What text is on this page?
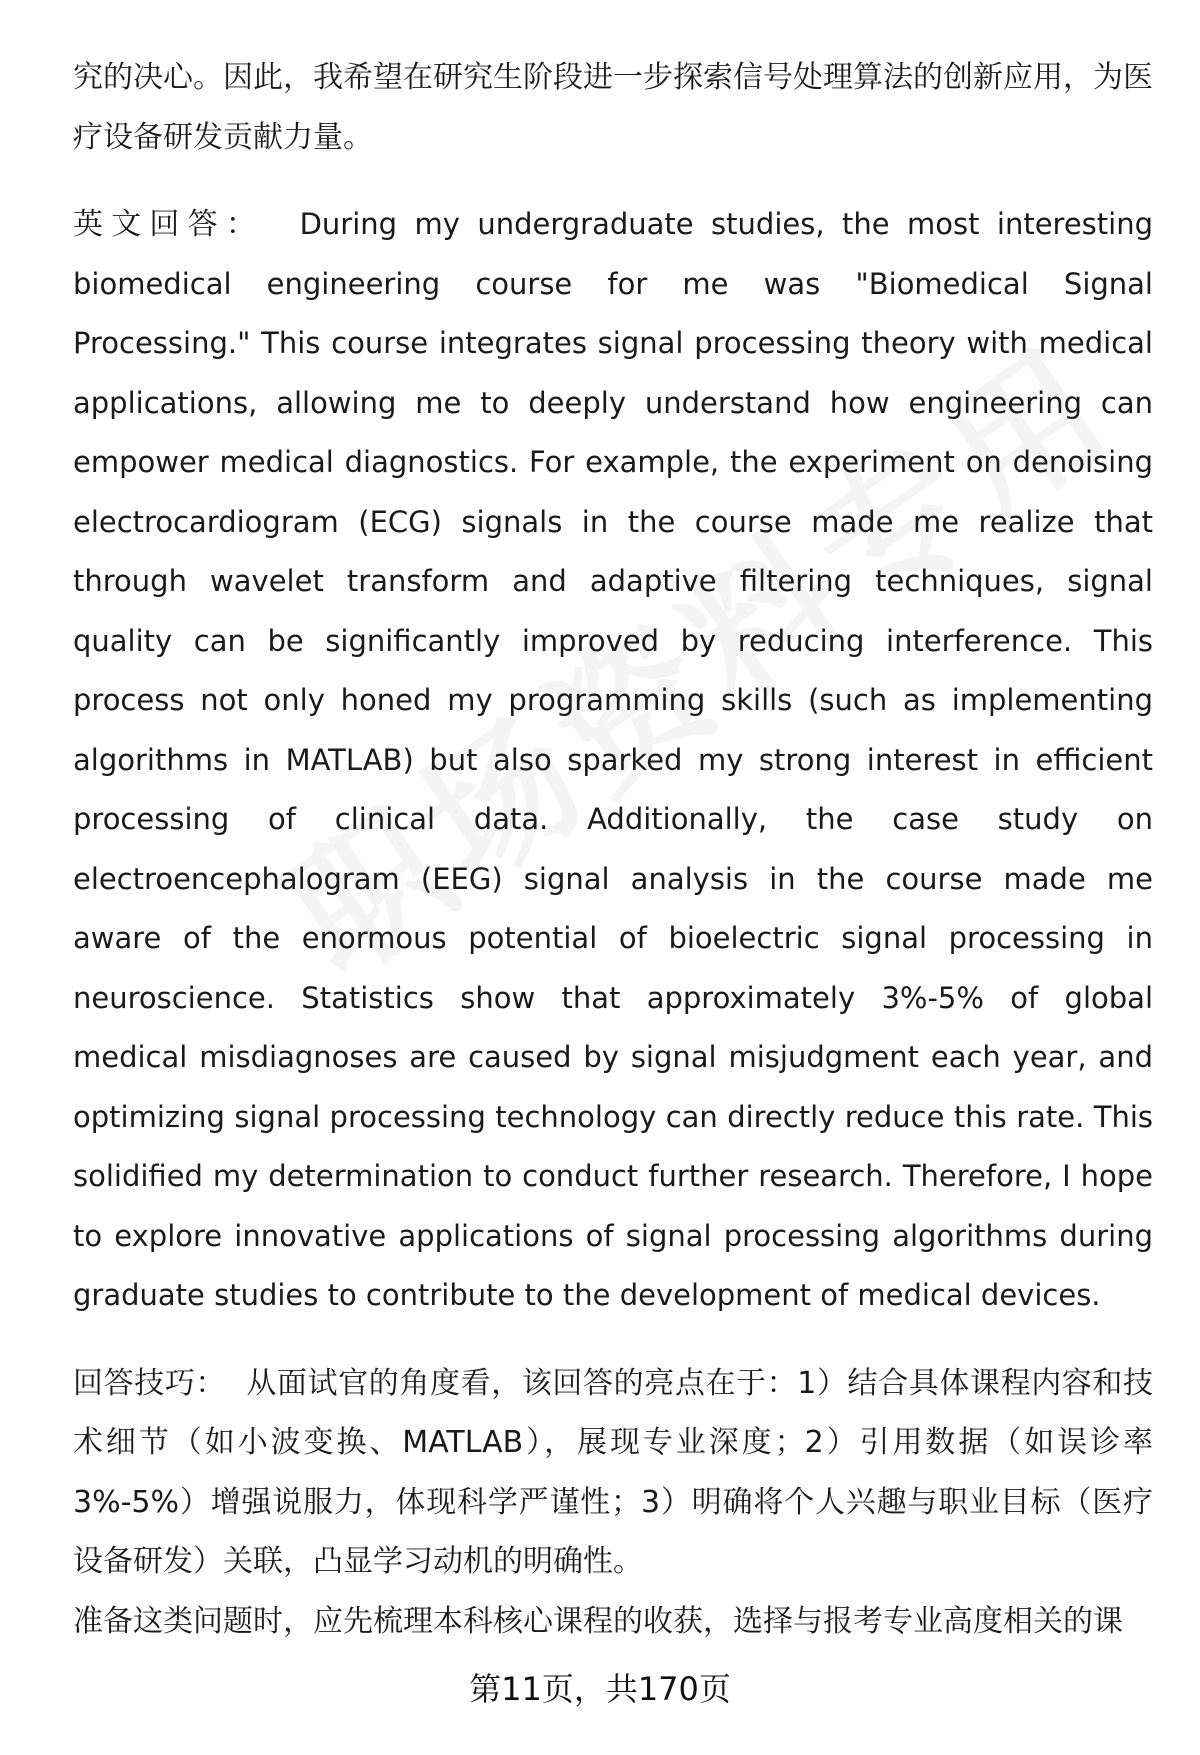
究的决心。因此，我希望在研究生阶段进一步探索信号处理算法的创新应用，为医疗设备研发贡献力量。

英文回答： During my undergraduate studies, the most interesting biomedical engineering course for me was "Biomedical Signal Processing." This course integrates signal processing theory with medical applications, allowing me to deeply understand how engineering can empower medical diagnostics. For example, the experiment on denoising electrocardiogram (ECG) signals in the course made me realize that through wavelet transform and adaptive filtering techniques, signal quality can be significantly improved by reducing interference. This process not only honed my programming skills (such as implementing algorithms in MATLAB) but also sparked my strong interest in efficient processing of clinical data. Additionally, the case study on electroencephalogram (EEG) signal analysis in the course made me aware of the enormous potential of bioelectric signal processing in neuroscience. Statistics show that approximately 3%-5% of global medical misdiagnoses are caused by signal misjudgment each year, and optimizing signal processing technology can directly reduce this rate. This solidified my determination to conduct further research. Therefore, I hope to explore innovative applications of signal processing algorithms during graduate studies to contribute to the development of medical devices.

回答技巧： 从面试官的角度看，该回答的亮点在于：1）结合具体课程内容和技术细节（如小波变换、MATLAB），展现专业深度；2）引用数据（如误诊率3%-5%）增强说服力，体现科学严谨性；3）明确将个人兴趣与职业目标（医疗设备研发）关联，凸显学习动机的明确性。

准备这类问题时，应先梳理本科核心课程的收获，选择与报考专业高度相关的课

第11页，共170页
